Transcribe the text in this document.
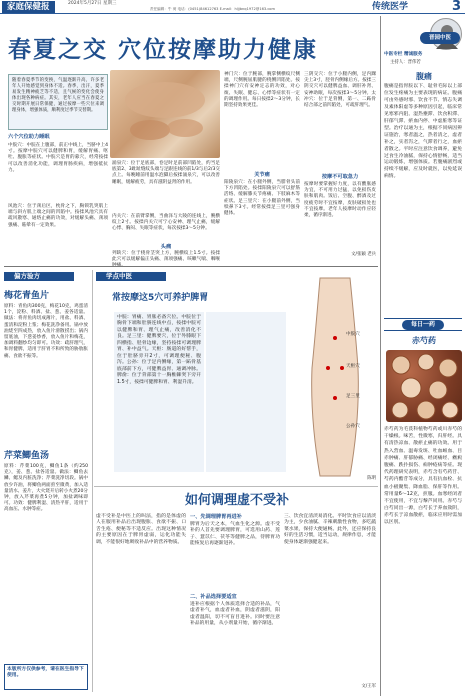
家庭保健报	2024年5月27日 星期三
责任编辑：牛 荷 电话：(0451)84612763 E-mail：hljjbnq1972@163.com	传统医学	3
春夏之交 穴位按摩助力健康
随着春夏季节的变换，气温逐渐升高，许多老年人开始感觉到身体不适。春季，出汗，夏季易发生精神疲乏等不适，且气候的变化会使身体出现各种病症。其实，老年人应当在春夏之交时期开展日常保健，通过按摩一些穴位来调理身体，增强体质，顺利度过季节交替期。
六个穴位助力睡眠
中脘穴：中脘在上腹部，前正中线上，当脐中上4寸。按摩中脘穴可以健脾和胃，缓解胃痛、呕吐、腹胀等症状。中脘穴是胃的募穴，经常按揉可以改善消化功能，调理胃肠疾病，增强抵抗力。
风池穴：位于颈后区，枕骨之下，胸锁乳突肌上端与斜方肌上端之间的凹陷中。按揉风池穴具有疏风散寒、通络止痛的功效，对缓解头痛、颈项强痛、眩晕有一定效果。
涌泉穴：位于足底部，卷足时足前部凹陷处，约当足底第2、3趾趾缝纹头端与足跟连线的前1/3与后2/3交点上。每晚睡前用温水泡脚后按揉涌泉穴，可以改善睡眠，缓解疲劳，具有滋阴益肾的作用。
内关穴：在前臂掌侧，当曲泽与大陵的连线上，腕横纹上2寸。按揉内关穴可宁心安神、理气止痛，缓解心悸、胸闷、失眠等症状，每次按揉3～5分钟。
头痛
列缺穴：位于桡骨茎突上方，腕横纹上1.5寸。按揉此穴可以缓解偏正头痛、颈项强痛、咳嗽气喘、咽喉
神门穴：位于腕部，腕掌侧横纹尺侧端，尺侧腕屈肌腱的桡侧凹陷处。按揉神门穴有安神定志的功效，对心烦、失眠、健忘、心悸等症状有一定的调理作用。每日按揉2～3分钟，长期坚持效果更佳。
关节痛
阳陵泉穴：在小腿外侧，当腓骨头前下方凹陷处。按揉阳陵泉穴可以舒筋活络、缓解膝关节疼痛、下肢麻木等症状。足三里穴：在小腿前外侧，当犊鼻下3寸。经常按揉足三里可强身健体。
三阴交穴：位于小腿内侧，足内踝尖上3寸，胫骨内侧缘后方。按揉三阴交穴可以健脾益血、调肝补肾、安神助眠，每次按揉3～5分钟。太冲穴：位于足背侧，第一、二跖骨结合部之前凹陷处，可疏肝理气。
按摩不可取急力
按摩时要掌握好力度，以有酸胀感为宜，不可用力过猛，以免损伤皮肤和肌肉。饭后、空腹、醉酒及过度疲劳时不宜按摩，皮肤破损处也不宜按摩。老年人按摩时动作应轻柔，循序渐进。
文/张颖 老兵
晋园中医
中医专栏 精诚服务
主持人：晋伟若
腹痛
腹痛是指胃脘以下、耻骨毛际以上部位发生疼痛为主要表现的病证。腹痛可由外感时邪、饮食不节、情志失调及素体阳虚等多种原因引起，临床常见寒邪内阻、湿热壅滞、饮食积滞、肝郁气滞、瘀血内停、中虚脏寒等证型。治疗以通为主，根据不同病因辨证施治，寒者温之，热者清之，虚者补之，实者泻之，气滞者行之，血瘀者散之。平时应注意饮食调养，避免过食生冷油腻，保持心情舒畅，适当运动锻炼，增强体质。若腹痛剧烈或持续不缓解，应及时就医，以免延误病情。
每日一药
赤芍药
赤芍药为毛茛科植物芍药或川赤芍的干燥根。味苦，性微寒，归肝经。具有清热凉血、散瘀止痛的功效。用于热入营血、温毒发斑、吐血衄血、目赤肿痛、肝郁胁痛、经闭痛经、癥瘕腹痛、跌扑损伤、痈肿疮疡等症。现代药理研究表明，赤芍含有芍药苷、芍药内酯苷等成分，具有抗血栓、抗血小板聚集、降血脂、保肝等作用。常用量6～12克，煎服。血寒经闭者不宜使用，不宜与藜芦同用。赤芍与白芍同出一源，白芍长于养血敛阴，赤芍长于凉血散瘀，临床应用时需加以区别。
偏方验方
梅花青鱼片
原料：青鱼肉300克，梅花10克，鸡蛋清1个，淀粉、料酒、盐、葱、姜各适量。做法：将青鱼肉切成薄片，用盐、料酒、蛋清和淀粉上浆；梅花洗净备用。锅中放油烧至四成热，放入鱼片滑散捞出；锅内留底油，下葱姜炒香，放入鱼片和梅花，加调料翻炒均匀即可。功效：疏肝理气，和胃健脾，适用于肝胃不和所致的胁肋胀痛、食欲不振等。
芹菜鲫鱼汤
原料：芹菜100克，鲫鱼1条（约250克），姜、葱、盐各适量。做法：鲫鱼去鳞、鳃及内脏洗净；芹菜洗净切段。锅中放少许油，将鲫鱼两面煎至微黄，加入适量清水、姜片，大火烧开后转小火煮20分钟，放入芹菜再煮5分钟，加盐调味即可。功效：健脾利湿、清热平肝，适用于高血压、水肿等症。
本版所方仅供参考，请在医生指导下使用。
学点中医
常按摩这5穴可养护脾胃
中脘：胃痛、胃胀必备穴位。中脘位于胸骨下端和肚脐连线中点，按揉中脘可以健脾和胃、理气止痛，改善消化不良。足三里：健脾要穴，位于外膝眼下四横指、胫骨边缘，坚持按揉可调理脾胃、补中益气。天枢：肠道的好帮手，位于肚脐旁开2寸，可调理便秘、腹泻。公孙：位于足内侧缘，第一跖骨基底部前下方，可健脾益胃、通调冲脉。脾俞：位于背部第十一胸椎棘突下旁开1.5寸，按揉可健脾和胃、利湿升清。
中脘穴
天枢穴
足三里
公孙穴
陈明
如何调理虚不受补
虚不受补是中医上的叫法，指的是体虚的人在服用补品后出现腹胀、食欲不振、口舌生疮、便秘等不适反应。出现这种情况的主要原因在于脾胃虚弱，运化功能失调，不能很好地吸收补品中的营养物质。
一、先调理脾胃再进补
脾胃为后天之本，气血生化之源。虚不受补的人首先要调理脾胃，可选用山药、莲子、薏苡仁、茯苓等健脾之品，待脾胃功能恢复后再逐渐进补。
二、补品选择要适宜
进补应根据个人体质选择合适的补品，气虚者补气，血虚者补血，阴虚者滋阴，阳虚者温阳，切不可盲目进补。同时要注意补品的用量，从小剂量开始，循序渐进。
三、饮食宜清淡易消化。平时饮食应以清淡为主，少食油腻、辛辣刺激性食物，多吃蔬菜水果，保持大便通畅。此外，还应保持良好的生活习惯，适当运动，规律作息，才能使身体逐渐强健起来。
文/王军
